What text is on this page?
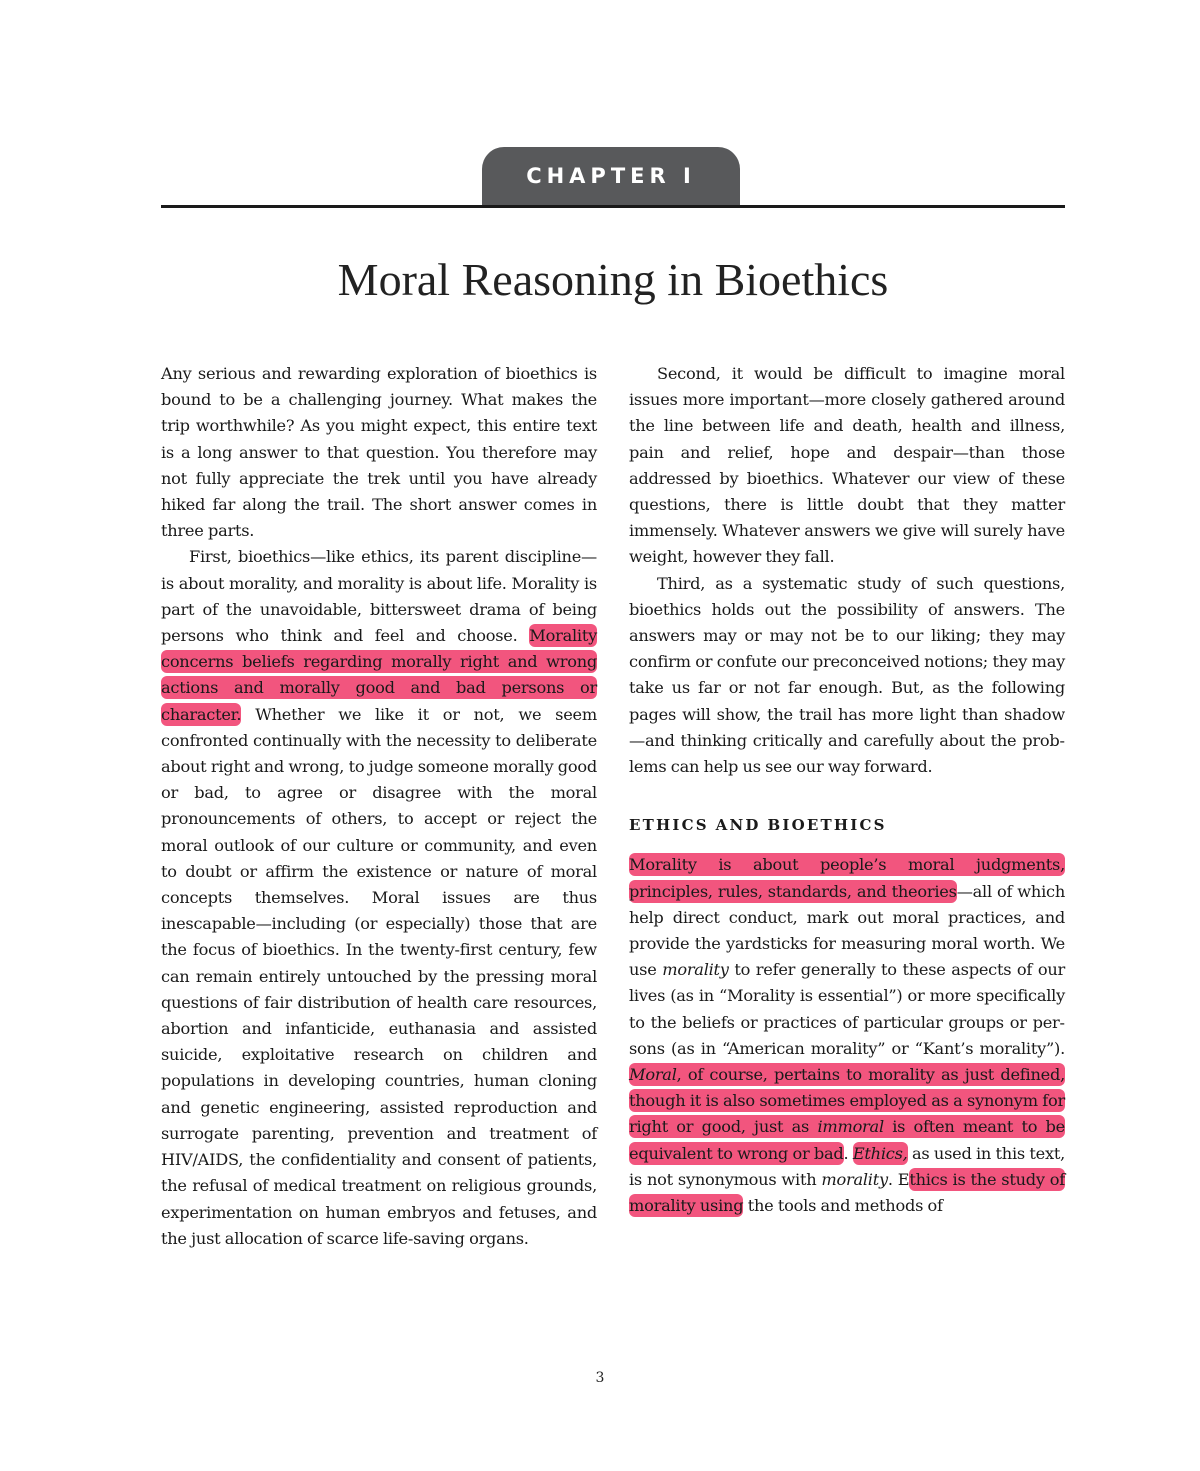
CHAPTER I
Moral Reasoning in Bioethics

Any serious and rewarding exploration of bioethics is bound to be a challenging journey. What makes the trip worthwhile? As you might expect, this entire text is a long answer to that question. You therefore may not fully appreciate the trek until you have already hiked far along the trail. The short answer comes in three parts.

First, bioethics—like ethics, its parent discipline—is about morality, and morality is about life. Morality is part of the unavoidable, bittersweet drama of being persons who think and feel and choose. Morality concerns beliefs regarding morally right and wrong actions and morally good and bad persons or character. Whether we like it or not, we seem confronted continually with the necessity to deliberate about right and wrong, to judge someone morally good or bad, to agree or disagree with the moral pronouncements of others, to accept or reject the moral outlook of our culture or community, and even to doubt or affirm the existence or nature of moral concepts themselves. Moral issues are thus inescapable—including (or especially) those that are the focus of bioethics. In the twenty-first century, few can remain entirely untouched by the pressing moral questions of fair distribution of health care resources, abortion and infanticide, euthanasia and assisted suicide, exploitative research on children and populations in developing countries, human cloning and genetic engineering, assisted reproduction and surrogate parenting, prevention and treatment of HIV/AIDS, the confidentiality and consent of patients, the refusal of medical treatment on religious grounds, experimentation on human embryos and fetuses, and the just allocation of scarce life-saving organs.

Second, it would be difficult to imagine moral issues more important—more closely gathered around the line between life and death, health and illness, pain and relief, hope and despair—than those addressed by bioethics. Whatever our view of these questions, there is little doubt that they matter immensely. Whatever answers we give will surely have weight, however they fall.

Third, as a systematic study of such questions, bioethics holds out the possibility of answers. The answers may or may not be to our liking; they may confirm or confute our preconceived notions; they may take us far or not far enough. But, as the following pages will show, the trail has more light than shadow—and thinking critically and carefully about the problems can help us see our way forward.

ETHICS AND BIOETHICS

Morality is about people’s moral judgments, principles, rules, standards, and theories—all of which help direct conduct, mark out moral practices, and provide the yardsticks for measuring moral worth. We use morality to refer generally to these aspects of our lives (as in “Morality is essential”) or more specifically to the beliefs or practices of particular groups or persons (as in “American morality” or “Kant’s morality”). Moral, of course, pertains to morality as just defined, though it is also sometimes employed as a synonym for right or good, just as immoral is often meant to be equivalent to wrong or bad. Ethics, as used in this text, is not synonymous with morality. Ethics is the study of morality using the tools and methods of

3
